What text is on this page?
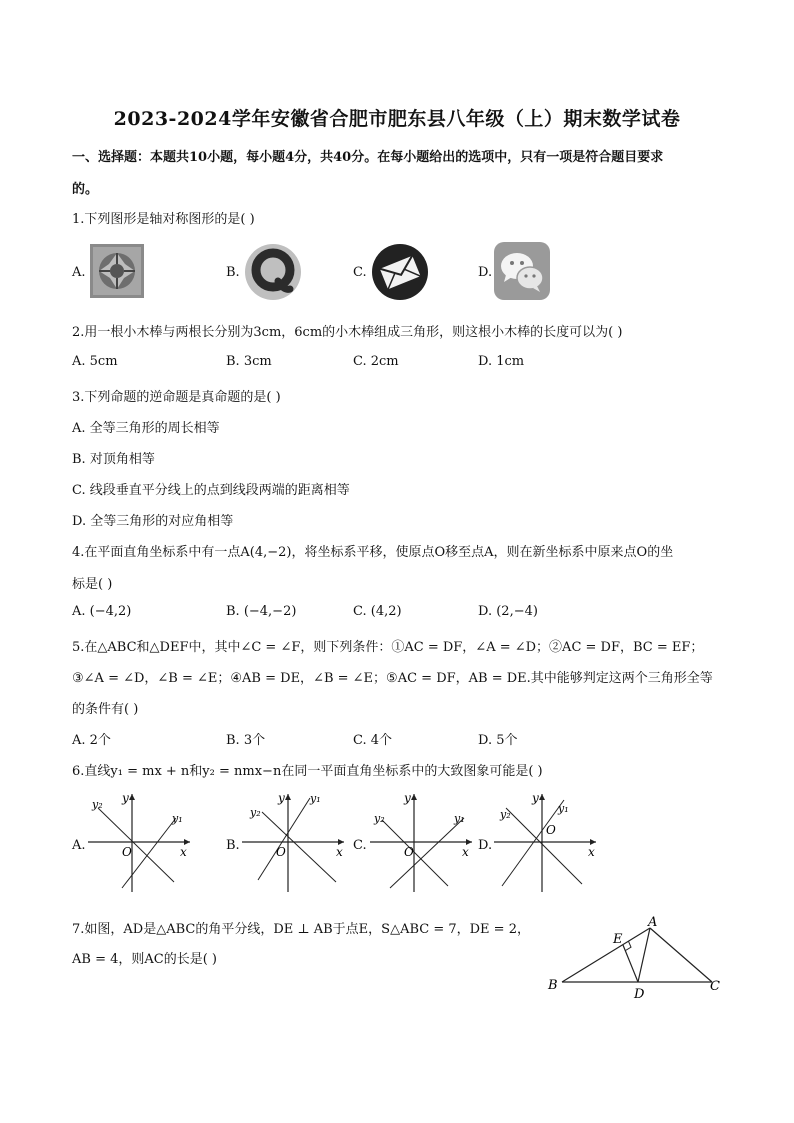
2023-2024学年安徽省合肥市肥东县八年级（上）期末数学试卷
一、选择题：本题共10小题，每小题4分，共40分。在每小题给出的选项中，只有一项是符合题目要求
的。
1.下列图形是轴对称图形的是( )
A.	B.	C.	D.
2.用一根小木棒与两根长分别为3cm，6cm的小木棒组成三角形，则这根小木棒的长度可以为( )
A. 5cm	B. 3cm	C. 2cm	D. 1cm
3.下列命题的逆命题是真命题的是( )
A. 全等三角形的周长相等
B. 对顶角相等
C. 线段垂直平分线上的点到线段两端的距离相等
D. 全等三角形的对应角相等
4.在平面直角坐标系中有一点A(4,−2)，将坐标系平移，使原点O移至点A，则在新坐标系中原来点O的坐
标是( )
A. (−4,2)	B. (−4,−2)	C. (4,2)	D. (2,−4)
5.在△ABC和△DEF中，其中∠C = ∠F，则下列条件：①AC = DF，∠A = ∠D；②AC = DF，BC = EF；
③∠A = ∠D，∠B = ∠E；④AB = DE，∠B = ∠E；⑤AC = DF，AB = DE.其中能够判定这两个三角形全等
的条件有( )
A. 2个	B. 3个	C. 4个	D. 5个
6.直线y₁ = mx + n和y₂ = nmx−n在同一平面直角坐标系中的大致图象可能是( )
A.	B.	C.	D.
y₂ y
y₁
O	x
y₂
y y₁
O	x
y₂
y
y₁
O	x
y₂
y
y₁
O
x
7.如图，AD是△ABC的角平分线，DE ⊥ AB于点E，S△ABC = 7，DE = 2，
AB = 4，则AC的长是( )
A
B	C
D
E
